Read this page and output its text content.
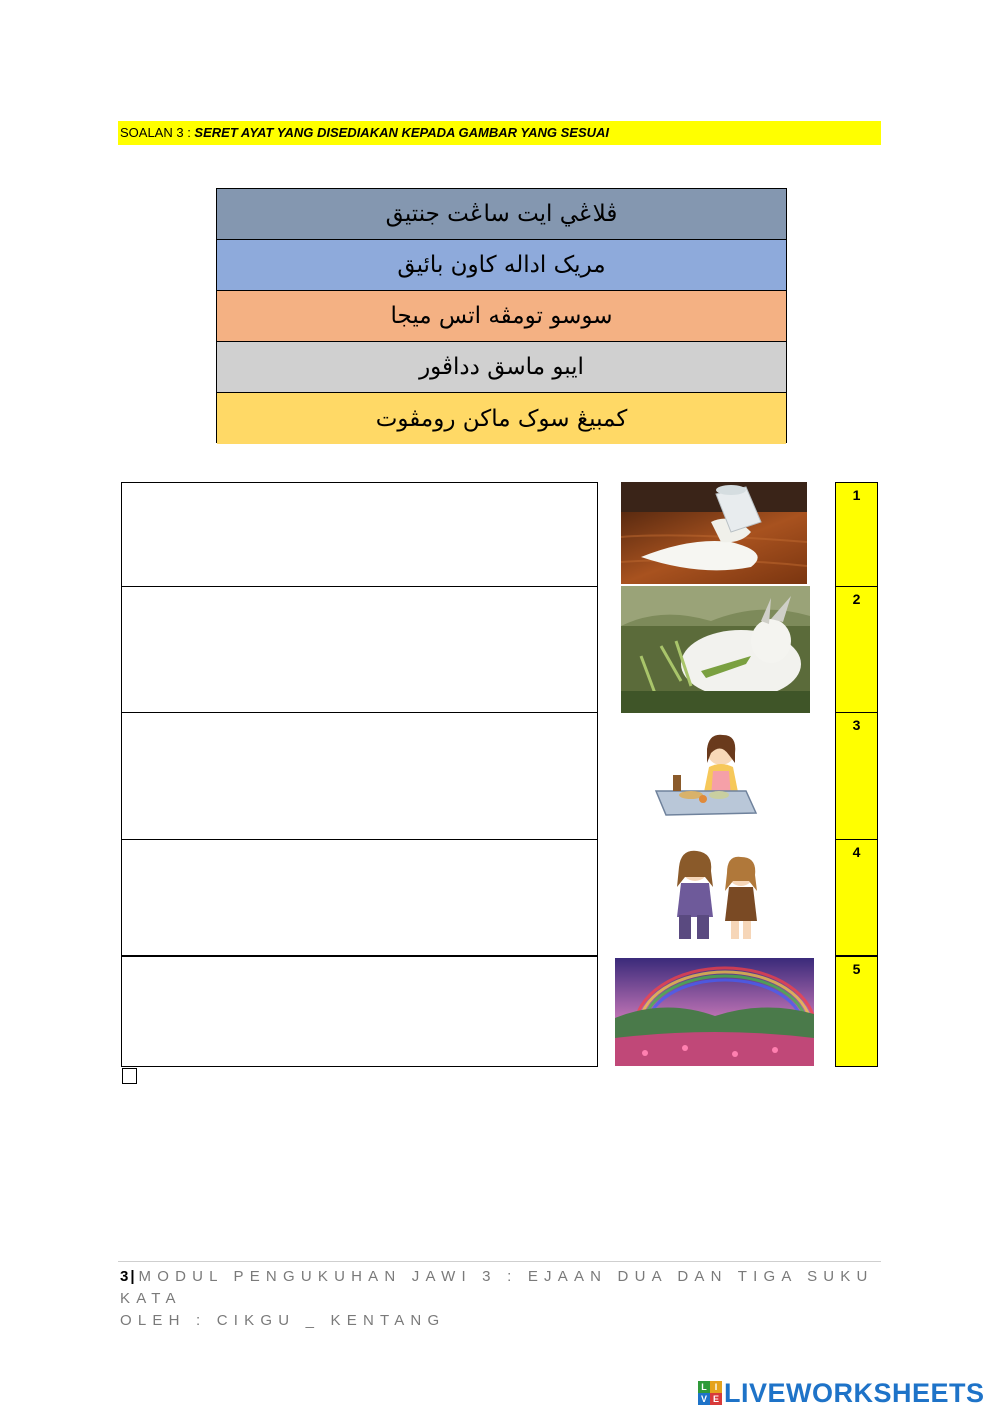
SOALAN 3 : SERET AYAT YANG DISEDIAKAN KEPADA GAMBAR YANG SESUAI
ڤلاڠي ايت ساڠت جنتيق
مريک اداله کاون بائيق
سوسو تومڤه اتس ميجا
ايبو ماسق دداڤور
کمبيڠ سوک ماکن رومڤوت
1
2
3
4
5
3 | MODUL PENGUKUHAN JAWI 3 : EJAAN DUA DAN TIGA SUKU KATA
OLEH : CIKGU _ KENTANG
L I
V E LIVEWORKSHEETS
